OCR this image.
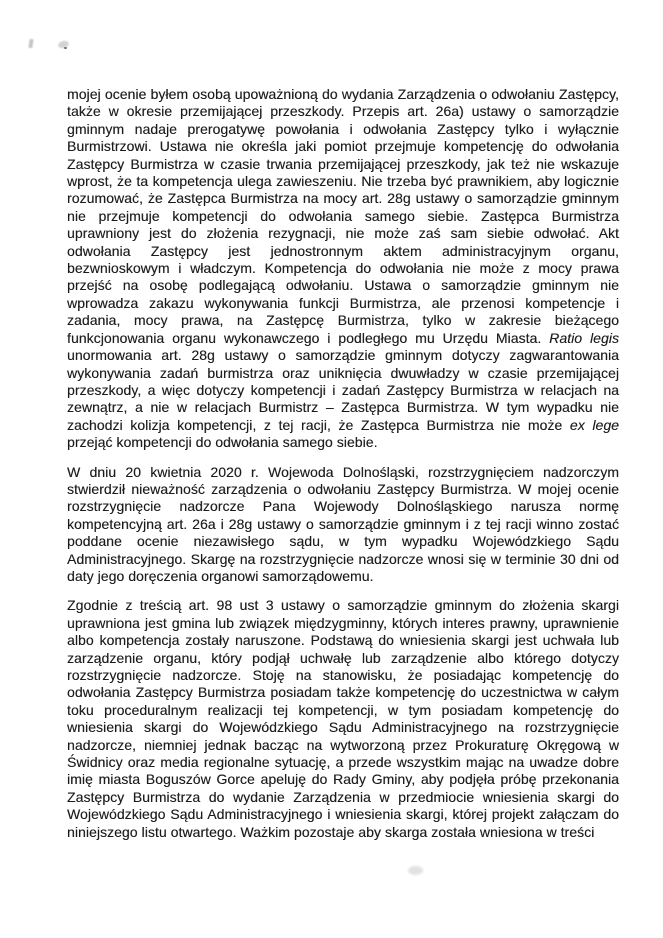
mojej ocenie byłem osobą upoważnioną do wydania Zarządzenia o odwołaniu Zastępcy, także w okresie przemijającej przeszkody. Przepis art. 26a) ustawy o samorządzie gminnym nadaje prerogatywę powołania i odwołania Zastępcy tylko i wyłącznie Burmistrzowi. Ustawa nie określa jaki pomiot przejmuje kompetencję do odwołania Zastępcy Burmistrza w czasie trwania przemijającej przeszkody, jak też nie wskazuje wprost, że ta kompetencja ulega zawieszeniu. Nie trzeba być prawnikiem, aby logicznie rozumować, że Zastępca Burmistrza na mocy art. 28g ustawy o samorządzie gminnym nie przejmuje kompetencji do odwołania samego siebie. Zastępca Burmistrza uprawniony jest do złożenia rezygnacji, nie może zaś sam siebie odwołać. Akt odwołania Zastępcy jest jednostronnym aktem administracyjnym organu, bezwnioskowym i władczym. Kompetencja do odwołania nie może z mocy prawa przejść na osobę podlegającą odwołaniu. Ustawa o samorządzie gminnym nie wprowadza zakazu wykonywania funkcji Burmistrza, ale przenosi kompetencje i zadania, mocy prawa, na Zastępcę Burmistrza, tylko w zakresie bieżącego funkcjonowania organu wykonawczego i podległego mu Urzędu Miasta. Ratio legis unormowania art. 28g ustawy o samorządzie gminnym dotyczy zagwarantowania wykonywania zadań burmistrza oraz uniknięcia dwuwładzy w czasie przemijającej przeszkody, a więc dotyczy kompetencji i zadań Zastępcy Burmistrza w relacjach na zewnątrz, a nie w relacjach Burmistrz – Zastępca Burmistrza. W tym wypadku nie zachodzi kolizja kompetencji, z tej racji, że Zastępca Burmistrza nie może ex lege przejąć kompetencji do odwołania samego siebie.

W dniu 20 kwietnia 2020 r. Wojewoda Dolnośląski, rozstrzygnięciem nadzorczym stwierdził nieważność zarządzenia o odwołaniu Zastępcy Burmistrza. W mojej ocenie rozstrzygnięcie nadzorcze Pana Wojewody Dolnośląskiego narusza normę kompetencyjną art. 26a i 28g ustawy o samorządzie gminnym i z tej racji winno zostać poddane ocenie niezawisłego sądu, w tym wypadku Wojewódzkiego Sądu Administracyjnego. Skargę na rozstrzygnięcie nadzorcze wnosi się w terminie 30 dni od daty jego doręczenia organowi samorządowemu.

Zgodnie z treścią art. 98 ust 3 ustawy o samorządzie gminnym do złożenia skargi uprawniona jest gmina lub związek międzygminny, których interes prawny, uprawnienie albo kompetencja zostały naruszone. Podstawą do wniesienia skargi jest uchwała lub zarządzenie organu, który podjął uchwałę lub zarządzenie albo którego dotyczy rozstrzygnięcie nadzorcze. Stoję na stanowisku, że posiadając kompetencję do odwołania Zastępcy Burmistrza posiadam także kompetencję do uczestnictwa w całym toku proceduralnym realizacji tej kompetencji, w tym posiadam kompetencję do wniesienia skargi do Wojewódzkiego Sądu Administracyjnego na rozstrzygnięcie nadzorcze, niemniej jednak bacząc na wytworzoną przez Prokuraturę Okręgową w Świdnicy oraz media regionalne sytuację, a przede wszystkim mając na uwadze dobre imię miasta Boguszów Gorce apeluję do Rady Gminy, aby podjęła próbę przekonania Zastępcy Burmistrza do wydanie Zarządzenia w przedmiocie wniesienia skargi do Wojewódzkiego Sądu Administracyjnego i wniesienia skargi, której projekt załączam do niniejszego listu otwartego. Ważkim pozostaje aby skarga została wniesiona w treści
